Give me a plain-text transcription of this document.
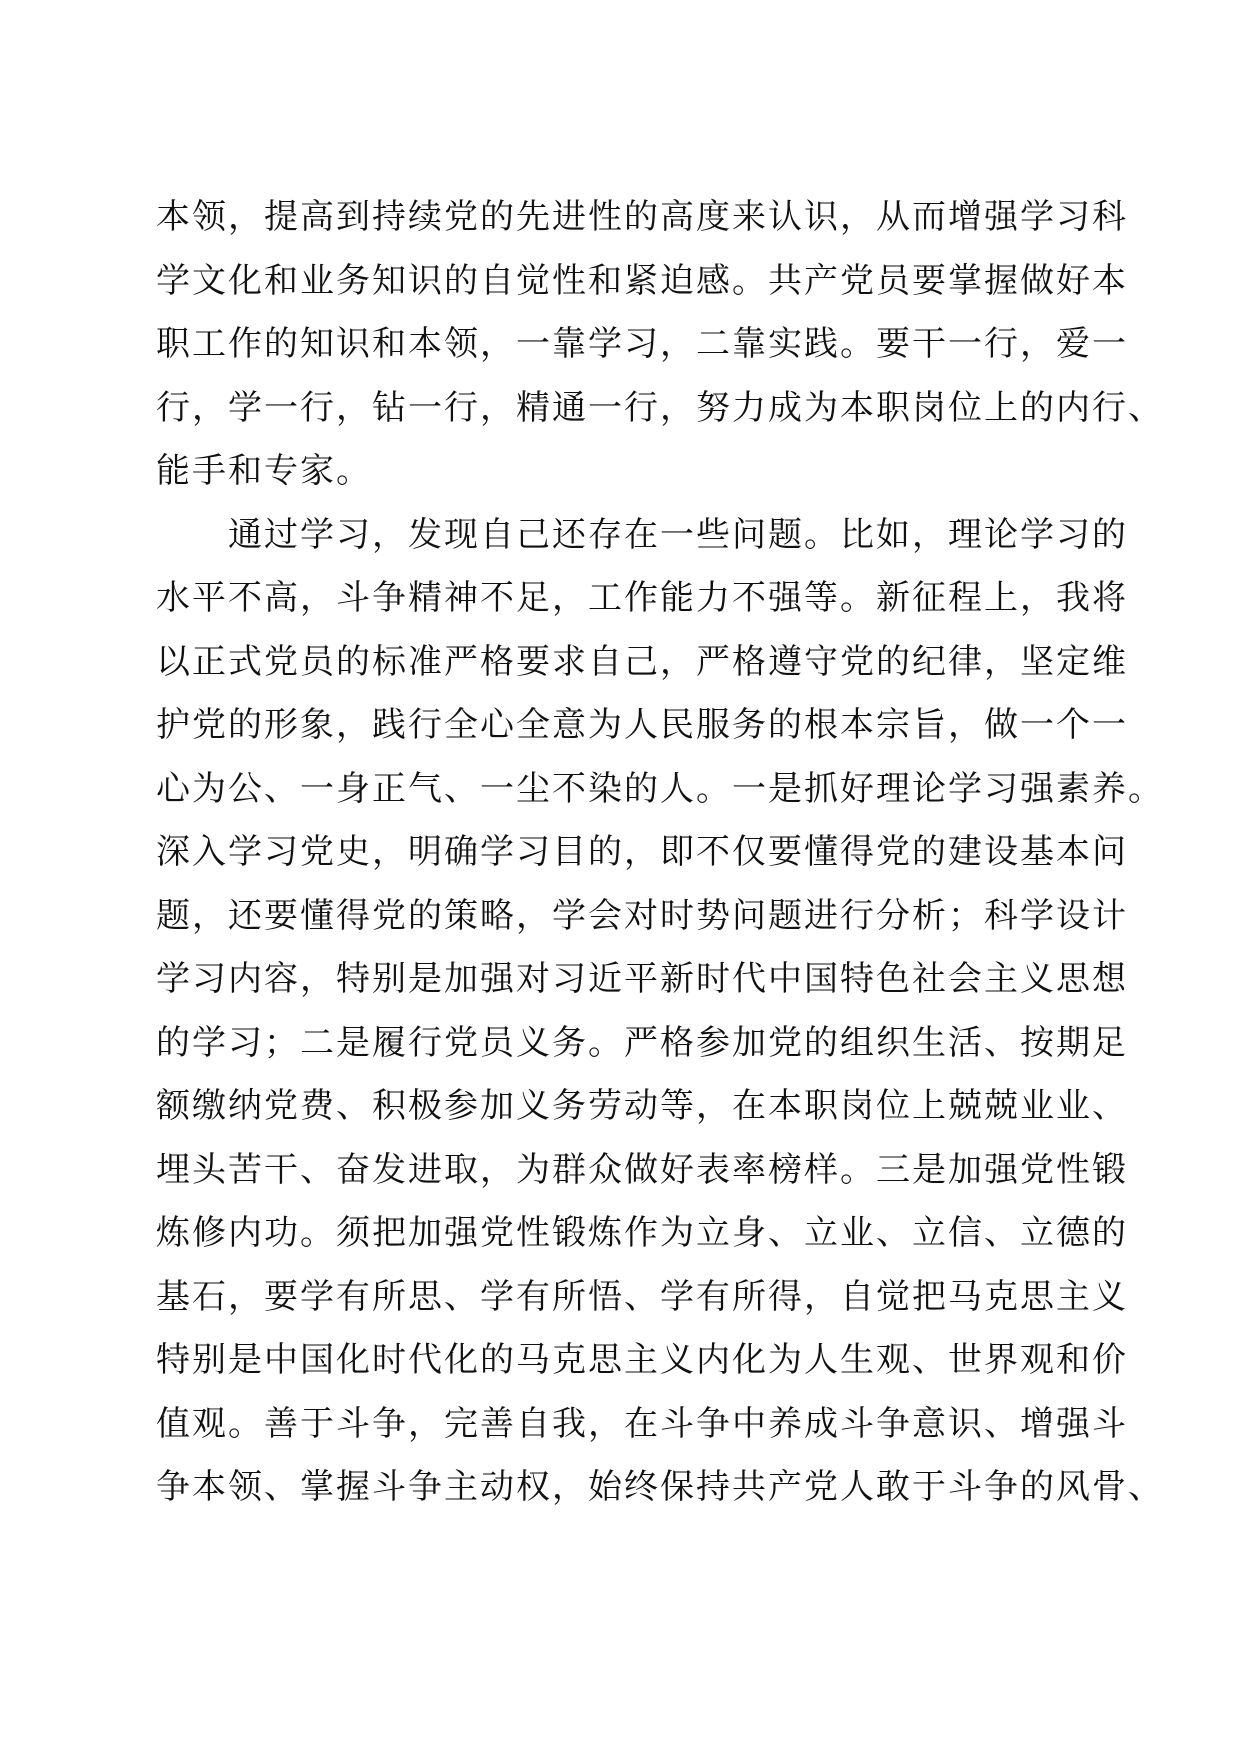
本领，提高到持续党的先进性的高度来认识，从而增强学习科
学文化和业务知识的自觉性和紧迫感。共产党员要掌握做好本
职工作的知识和本领，一靠学习，二靠实践。要干一行，爱一
行，学一行，钻一行，精通一行，努力成为本职岗位上的内行、
能手和专家。
通过学习，发现自己还存在一些问题。比如，理论学习的
水平不高，斗争精神不足，工作能力不强等。新征程上，我将
以正式党员的标准严格要求自己，严格遵守党的纪律，坚定维
护党的形象，践行全心全意为人民服务的根本宗旨，做一个一
心为公、一身正气、一尘不染的人。一是抓好理论学习强素养。
深入学习党史，明确学习目的，即不仅要懂得党的建设基本问
题，还要懂得党的策略，学会对时势问题进行分析；科学设计
学习内容，特别是加强对习近平新时代中国特色社会主义思想
的学习；二是履行党员义务。严格参加党的组织生活、按期足
额缴纳党费、积极参加义务劳动等，在本职岗位上兢兢业业、
埋头苦干、奋发进取，为群众做好表率榜样。三是加强党性锻
炼修内功。须把加强党性锻炼作为立身、立业、立信、立德的
基石，要学有所思、学有所悟、学有所得，自觉把马克思主义
特别是中国化时代化的马克思主义内化为人生观、世界观和价
值观。善于斗争，完善自我，在斗争中养成斗争意识、增强斗
争本领、掌握斗争主动权，始终保持共产党人敢于斗争的风骨、
